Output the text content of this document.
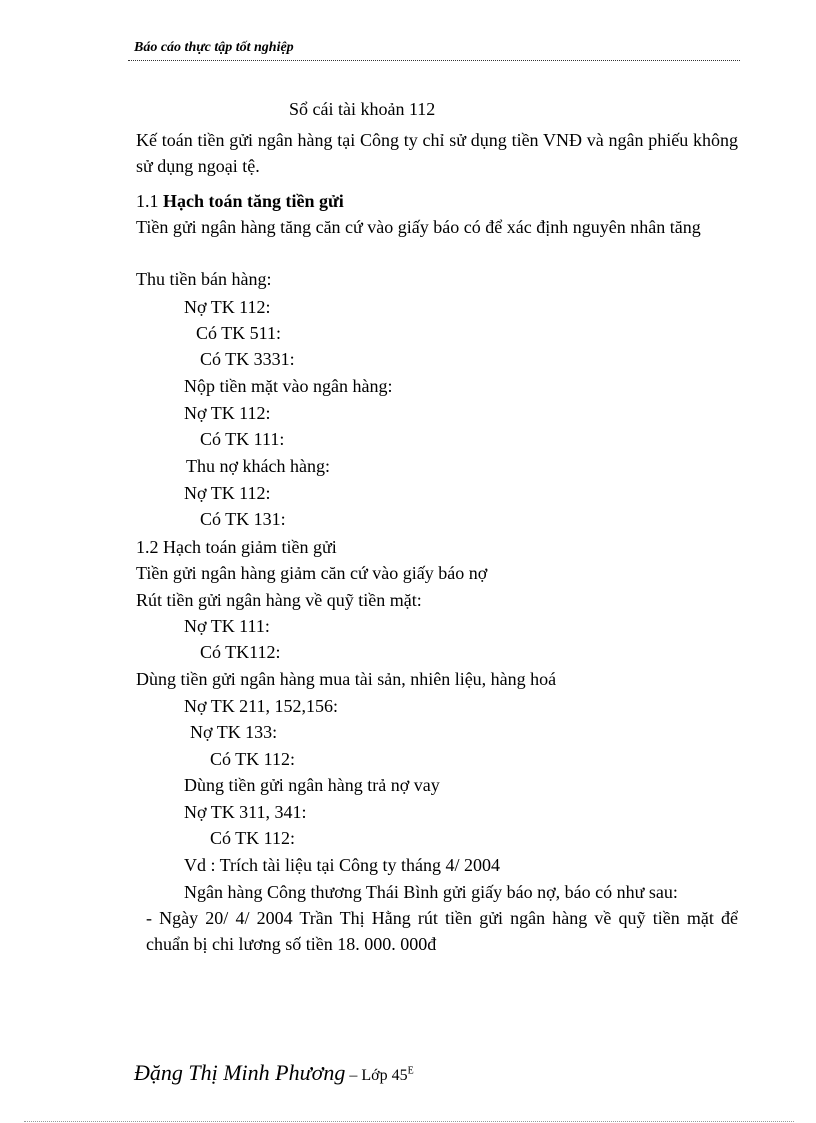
Báo cáo thực tập tốt nghiệp
Sổ cái tài khoản 112
Kế toán tiền gửi ngân hàng tại Công ty chỉ sử dụng tiền VNĐ và ngân phiếu không sử dụng ngoại tệ.
1.1 Hạch toán tăng tiền gửi
Tiền gửi ngân hàng tăng căn cứ vào giấy báo có để xác định nguyên nhân tăng
Thu tiền bán hàng:
Nợ TK 112:
Có TK 511:
Có TK 3331:
Nộp tiền mặt vào ngân hàng:
Nợ TK 112:
Có TK 111:
Thu nợ khách hàng:
Nợ TK 112:
Có TK 131:
1.2 Hạch toán giảm tiền gửi
Tiền gửi ngân hàng giảm căn cứ vào giấy báo nợ
Rút tiền gửi ngân hàng về quỹ tiền mặt:
Nợ TK 111:
Có TK112:
Dùng tiền gửi ngân hàng mua tài sản, nhiên liệu, hàng hoá
Nợ TK 211, 152,156:
Nợ TK 133:
Có TK 112:
Dùng tiền gửi ngân hàng trả nợ vay
Nợ TK 311, 341:
Có TK 112:
Vd : Trích tài liệu tại Công ty tháng 4/ 2004
Ngân hàng Công thương Thái Bình gửi giấy báo nợ, báo có như sau:
- Ngày 20/ 4/ 2004 Trần Thị Hằng rút tiền gửi ngân hàng về quỹ tiền mặt để chuẩn bị chi lương số tiền 18. 000. 000đ
Đặng Thị Minh Phương – Lớp $45^E$
